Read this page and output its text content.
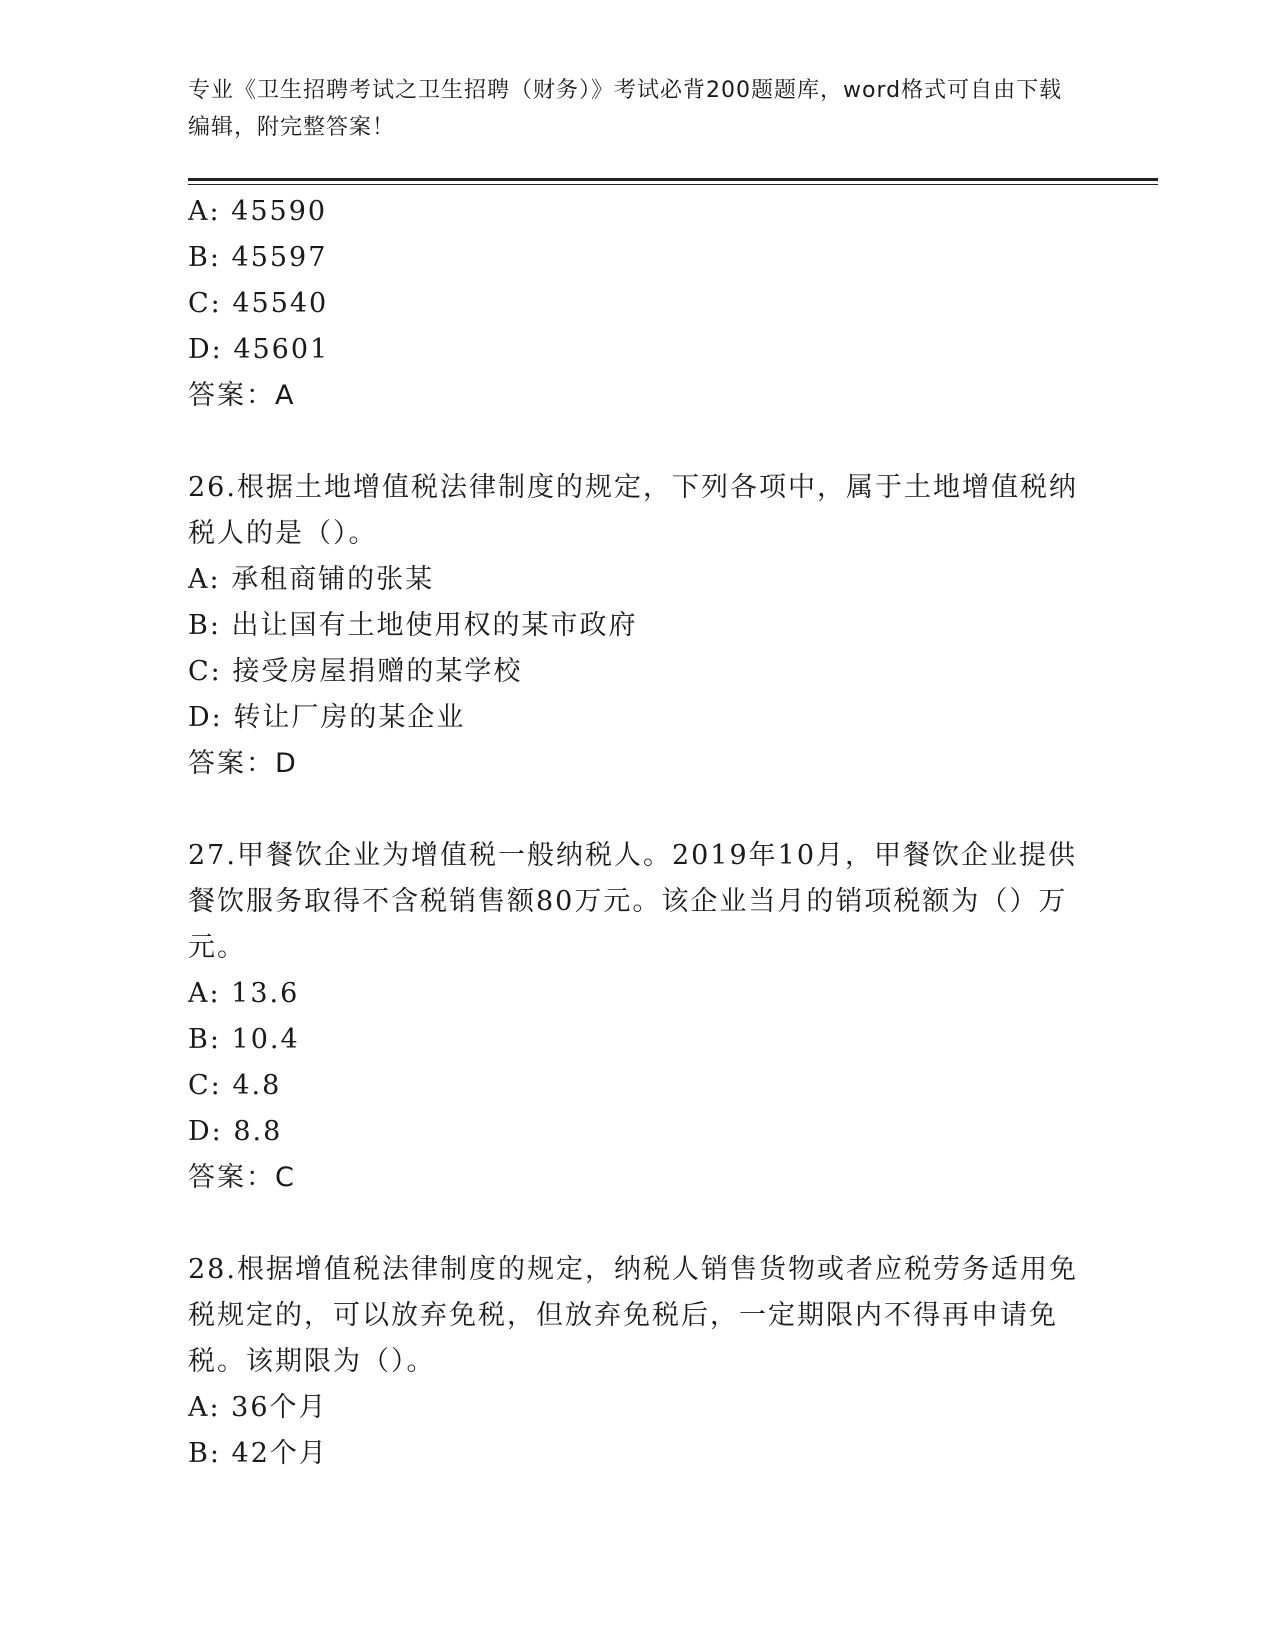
专业《卫生招聘考试之卫生招聘（财务）》考试必背200题题库，word格式可自由下载编辑，附完整答案！
A: 45590
B: 45597
C: 45540
D: 45601
答案：A
26.根据土地增值税法律制度的规定，下列各项中，属于土地增值税纳
税人的是（）。
A: 承租商铺的张某
B: 出让国有土地使用权的某市政府
C: 接受房屋捐赠的某学校
D: 转让厂房的某企业
答案：D
27.甲餐饮企业为增值税一般纳税人。2019年10月，甲餐饮企业提供
餐饮服务取得不含税销售额80万元。该企业当月的销项税额为（）万
元。
A: 13.6
B: 10.4
C: 4.8
D: 8.8
答案：C
28.根据增值税法律制度的规定，纳税人销售货物或者应税劳务适用免
税规定的，可以放弃免税，但放弃免税后，一定期限内不得再申请免
税。该期限为（）。
A: 36个月
B: 42个月
